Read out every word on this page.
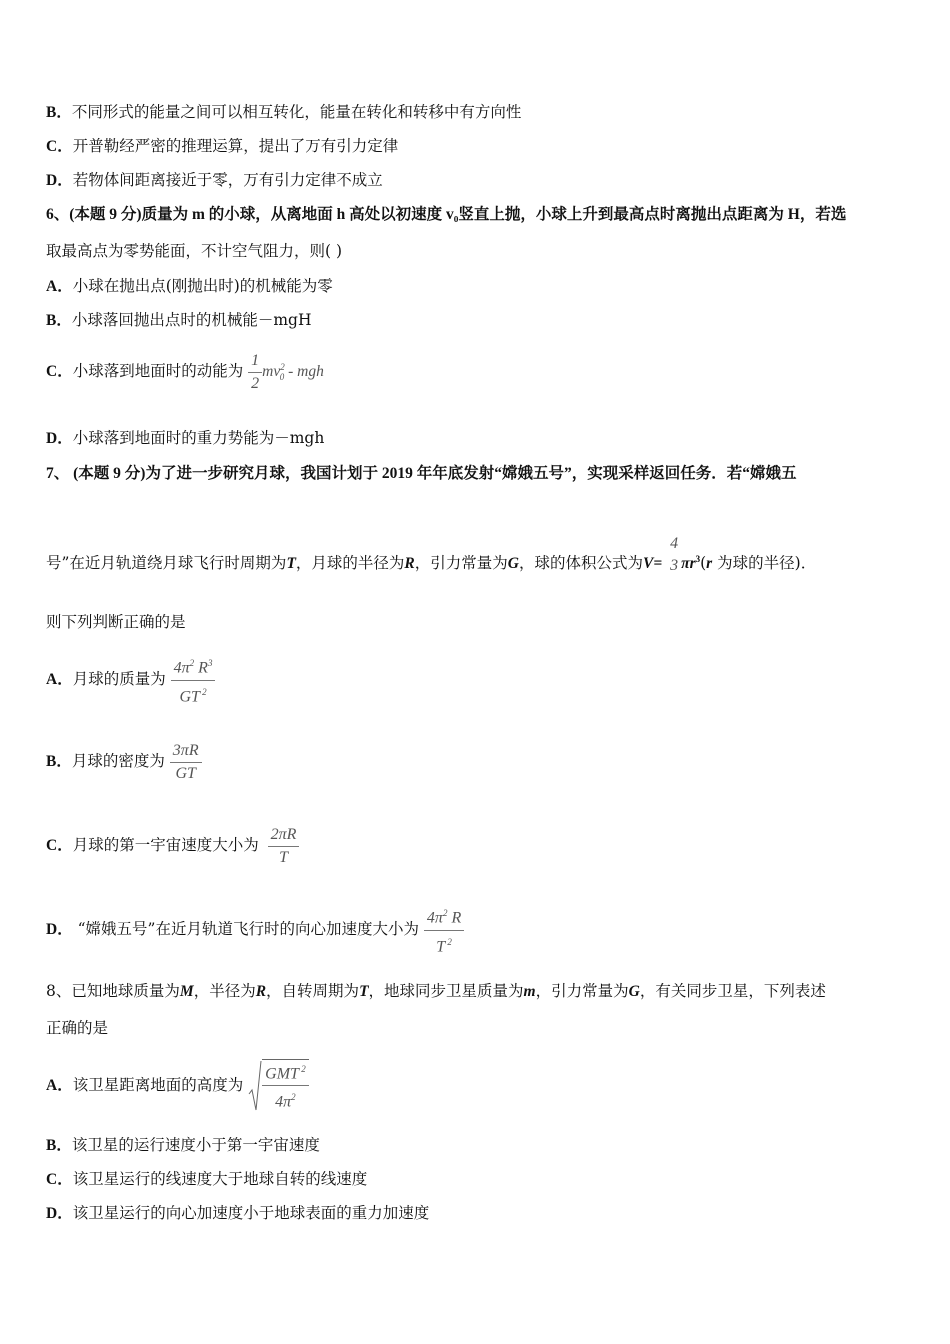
B．不同形式的能量之间可以相互转化，能量在转化和转移中有方向性
C．开普勒经严密的推理运算，提出了万有引力定律
D．若物体间距离接近于零，万有引力定律不成立
6、(本题 9 分)质量为 m 的小球，从离地面 h 高处以初速度 v₀竖直上抛，小球上升到最高点时离抛出点距离为 H，若选
取最高点为零势能面，不计空气阻力，则( )
A．小球在抛出点(刚抛出时)的机械能为零
B．小球落回抛出点时的机械能－mgH
C．小球落到地面时的动能为 $\frac{1}{2} mv^2_0$ - mgh
D．小球落到地面时的重力势能为－mgh
7、 (本题 9 分)为了进一步研究月球，我国计划于 2019 年年底发射“嫦娥五号”，实现采样返回任务．若“嫦娥五
号”在近月轨道绕月球飞行时周期为T，月球的半径为R，引力常量为G，球的体积公式为V=
4
3 $\pi r^3(r$ 为球的半径)．
则下列判断正确的是
A．月球的质量为 $\frac{4\pi^2 R^3}{GT ^2}$
B．月球的密度为 $\frac{3\pi R}{GT}$
C．月球的第一宇宙速度大小为 $\frac{2\pi R}{T}$
D． “嫦娥五号”在近月轨道飞行时的向心加速度大小为 $\frac{4\pi^2 R}{T ^2}$
8、已知地球质量为M，半径为R，自转周期为T，地球同步卫星质量为m，引力常量为G，有关同步卫星，下列表述
正确的是
A．该卫星距离地面的高度为 $\frac{GMT ^2}{4\pi^2}$
B．该卫星的运行速度小于第一宇宙速度
C．该卫星运行的线速度大于地球自转的线速度
D．该卫星运行的向心加速度小于地球表面的重力加速度
